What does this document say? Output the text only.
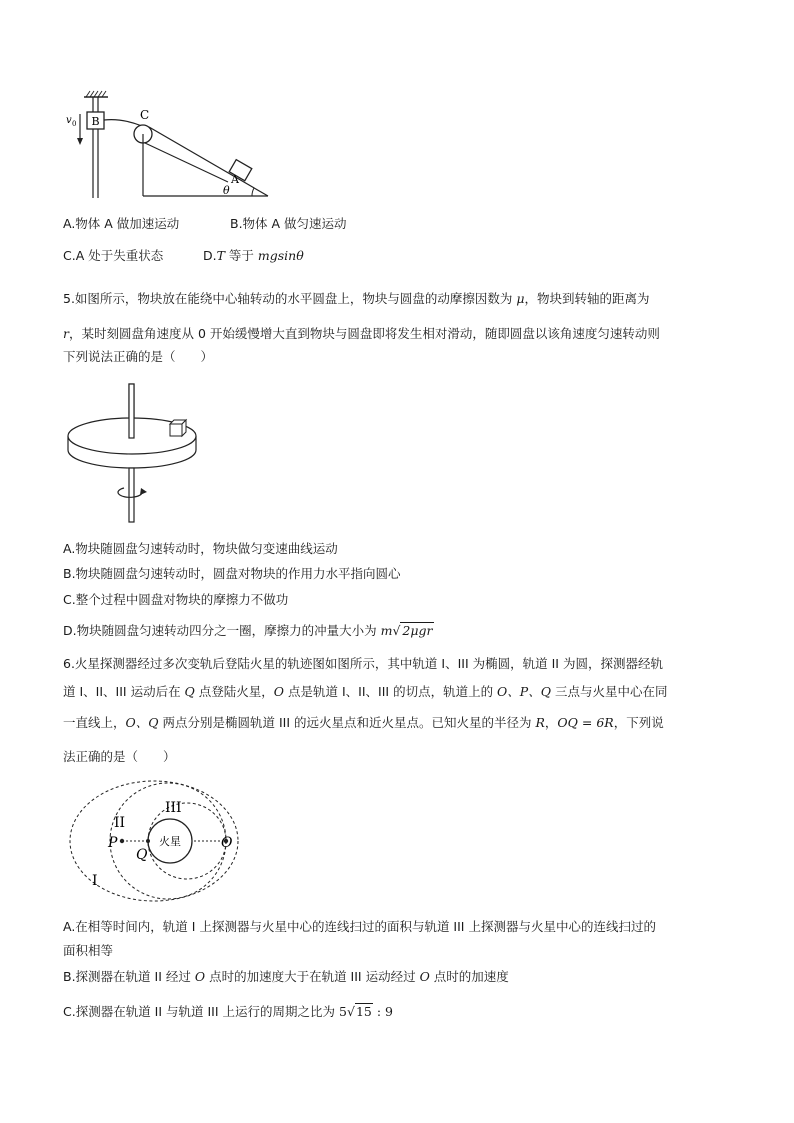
B
v 0
C
A
θ
A.物体 A 做加速运动	B.物体 A 做匀速运动
C.A 处于失重状态	D.T 等于 mgsinθ
5.如图所示，物块放在能绕中心轴转动的水平圆盘上，物块与圆盘的动摩擦因数为 μ，物块到转轴的距离为
r，某时刻圆盘角速度从 0 开始缓慢增大直到物块与圆盘即将发生相对滑动，随即圆盘以该角速度匀速转动则
下列说法正确的是（　　）
A.物块随圆盘匀速转动时，物块做匀变速曲线运动
B.物块随圆盘匀速转动时，圆盘对物块的作用力水平指向圆心
C.整个过程中圆盘对物块的摩擦力不做功
D.物块随圆盘匀速转动四分之一圈，摩擦力的冲量大小为 m√ 2μgr
6.火星探测器经过多次变轨后登陆火星的轨迹图如图所示，其中轨道 I、III 为椭圆，轨道 II 为圆，探测器经轨
道 I、II、III 运动后在 Q 点登陆火星，O 点是轨道 I、II、III 的切点，轨道上的 O、P、Q 三点与火星中心在同
一直线上，O、Q 两点分别是椭圆轨道 III 的远火星点和近火星点。已知火星的半径为 R，OQ = 6R，下列说
法正确的是（　　）
火星
II
III
I
P
Q
O
A.在相等时间内，轨道 I 上探测器与火星中心的连线扫过的面积与轨道 III 上探测器与火星中心的连线扫过的
面积相等
B.探测器在轨道 II 经过 O 点时的加速度大于在轨道 III 运动经过 O 点时的加速度
C.探测器在轨道 II 与轨道 III 上运行的周期之比为 5√15 : 9
